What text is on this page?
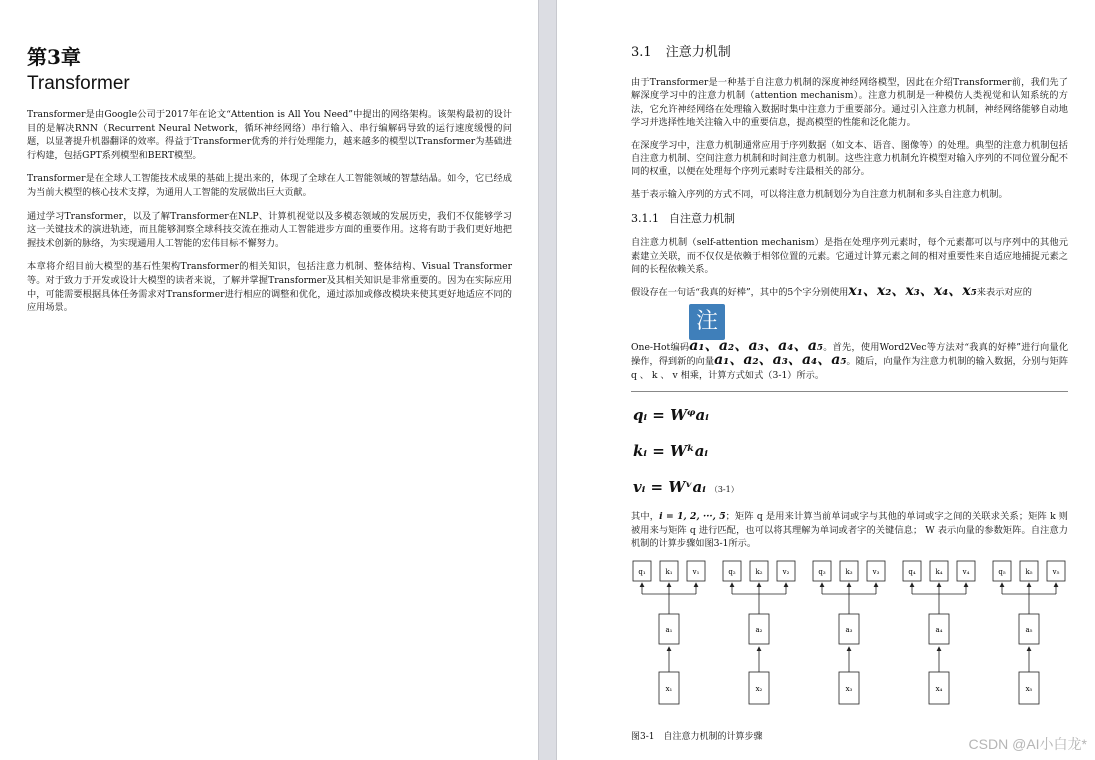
第3章
Transformer

Transformer是由Google公司于2017年在论文“Attention is All You Need”中提出的网络架构。该架构最初的设计目的是解决RNN（Recurrent Neural Network，循环神经网络）串行输入、串行编解码导致的运行速度缓慢的问题，以显著提升机器翻译的效率。得益于Transformer优秀的并行处理能力，越来越多的模型以Transformer为基础进行构建，包括GPT系列模型和BERT模型。

Transformer是在全球人工智能技术成果的基础上提出来的，体现了全球在人工智能领域的智慧结晶。如今，它已经成为当前大模型的核心技术支撑，为通用人工智能的发展做出巨大贡献。

通过学习Transformer，以及了解Transformer在NLP、计算机视觉以及多模态领域的发展历史，我们不仅能够学习这一关键技术的演进轨迹，而且能够洞察全球科技交流在推动人工智能进步方面的重要作用。这将有助于我们更好地把握技术创新的脉络，为实现通用人工智能的宏伟目标不懈努力。

本章将介绍目前大模型的基石性架构Transformer的相关知识，包括注意力机制、整体结构、Visual Transformer等。对于致力于开发或设计大模型的读者来说，了解并掌握Transformer及其相关知识是非常重要的。因为在实际应用中，可能需要根据具体任务需求对Transformer进行相应的调整和优化，通过添加或修改模块来使其更好地适应不同的应用场景。

3.1 注意力机制

由于Transformer是一种基于自注意力机制的深度神经网络模型，因此在介绍Transformer前，我们先了解深度学习中的注意力机制（attention mechanism）。注意力机制是一种模仿人类视觉和认知系统的方法，它允许神经网络在处理输入数据时集中注意力于重要部分。通过引入注意力机制，神经网络能够自动地学习并选择性地关注输入中的重要信息，提高模型的性能和泛化能力。

在深度学习中，注意力机制通常应用于序列数据（如文本、语音、图像等）的处理。典型的注意力机制包括自注意力机制、空间注意力机制和时间注意力机制。这些注意力机制允许模型对输入序列的不同位置分配不同的权重，以便在处理每个序列元素时专注最相关的部分。

基于表示输入序列的方式不同，可以将注意力机制划分为自注意力机制和多头自注意力机制。

3.1.1 自注意力机制

自注意力机制（self-attention mechanism）是指在处理序列元素时，每个元素都可以与序列中的其他元素建立关联，而不仅仅是依赖于相邻位置的元素。它通过计算元素之间的相对重要性来自适应地捕捉元素之间的长程依赖关系。

假设存在一句话“我真的好棒”，其中的5个字分别使用x₁、x₂、x₃、x₄、x₅来表示对应的

注

One-Hot编码a₁、a₂、a₃、a₄、a₅。首先，使用Word2Vec等方法对“我真的好棒”进行向量化操作，得到新的向量a₁、a₂、a₃、a₄、a₅。随后，向量作为注意力机制的输入数据，分别与矩阵 q 、 k 、 v 相乘，计算方式如式（3-1）所示。

qᵢ = Wᵠaᵢ
kᵢ = Wᵏaᵢ
vᵢ = Wᵛaᵢ （3-1）

其中，i = 1, 2, ···, 5；矩阵 q 是用来计算当前单词或字与其他的单词或字之间的关联求关系；矩阵 k 则被用来与矩阵 q 进行匹配，也可以将其理解为单词或者字的关键信息； W 表示向量的参数矩阵。自注意力机制的计算步骤如图3-1所示。

q₁	k₁	v₁
a₁
x₁
q₂	k₂	v₂
a₂
x₂
q₃	k₃	v₃
a₃
x₃
q₄	k₄	v₄
a₄
x₄
q₅	k₅	v₅
a₅
x₅
图3-1　自注意力机制的计算步骤	CSDN @AI小白龙*
